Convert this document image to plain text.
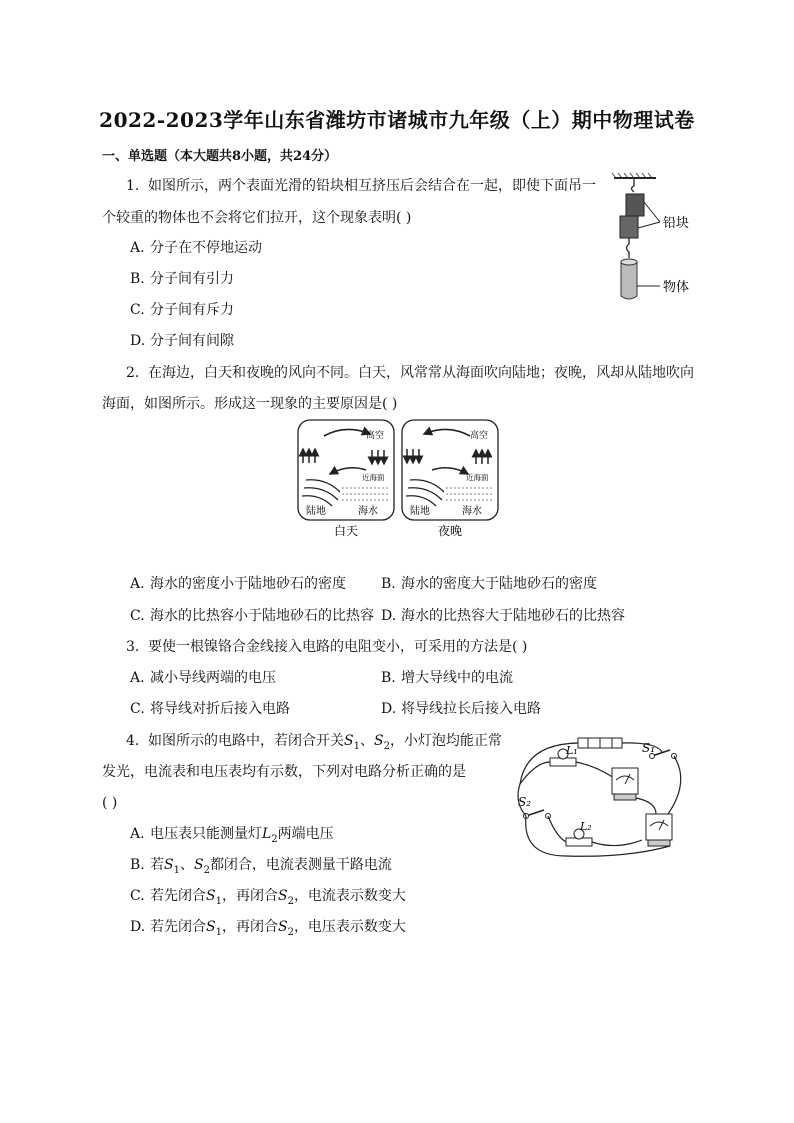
2022-2023学年山东省潍坊市诸城市九年级（上）期中物理试卷
一、单选题（本大题共8小题，共24分）
1. 如图所示，两个表面光滑的铅块相互挤压后会结合在一起，即使下面吊一
个较重的物体也不会将它们拉开，这个现象表明( )
A. 分子在不停地运动
B. 分子间有引力
C. 分子间有斥力
D. 分子间有间隙
铅块
物体
2. 在海边，白天和夜晚的风向不同。白天，风常常从海面吹向陆地；夜晚，风却从陆地吹向
海面，如图所示。形成这一现象的主要原因是( )
高空
近海面
陆地	海水
白天
高空
近海面
陆地	海水
夜晚
A. 海水的密度小于陆地砂石的密度	B. 海水的密度大于陆地砂石的密度
C. 海水的比热容小于陆地砂石的比热容 D. 海水的比热容大于陆地砂石的比热容
3. 要使一根镍铬合金线接入电路的电阻变小，可采用的方法是( )
A. 减小导线两端的电压	B. 增大导线中的电流
C. 将导线对折后接入电路	D. 将导线拉长后接入电路
4. 如图所示的电路中，若闭合开关$S_1$、$S_2$，小灯泡均能正常
发光，电流表和电压表均有示数，下列对电路分析正确的是
( )
A. 电压表只能测量灯$L_2$两端电压
B. 若$S_1$、$S_2$都闭合，电流表测量干路电流
C. 若先闭合$S_1$，再闭合$S_2$，电流表示数变大
D. 若先闭合$S_1$，再闭合$S_2$，电压表示数变大
S₁
L₁
S₂
L₂
